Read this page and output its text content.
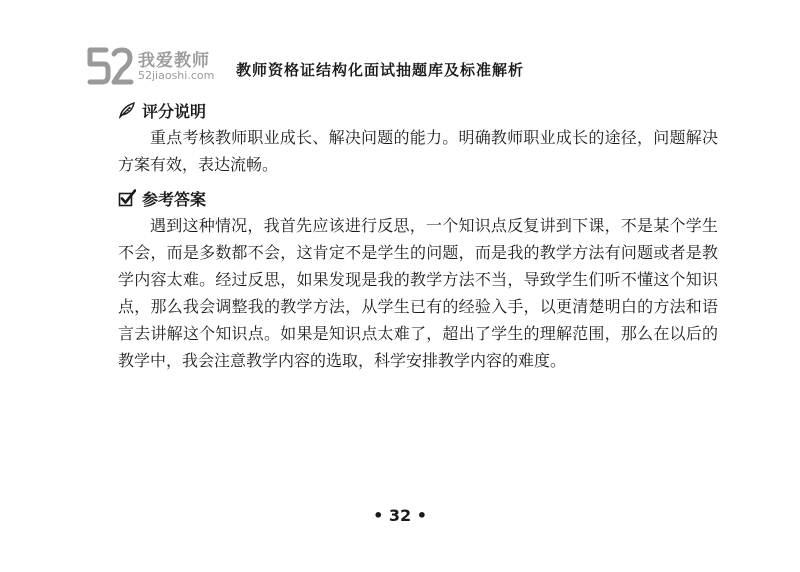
我爱教师
52jiaoshi.com 教师资格证结构化面试抽题库及标准解析
评分说明

重点考核教师职业成长、解决问题的能力。明确教师职业成长的途径，问题解决方案有效，表达流畅。

参考答案

遇到这种情况，我首先应该进行反思，一个知识点反复讲到下课，不是某个学生不会，而是多数都不会，这肯定不是学生的问题，而是我的教学方法有问题或者是教学内容太难。经过反思，如果发现是我的教学方法不当，导致学生们听不懂这个知识点，那么我会调整我的教学方法，从学生已有的经验入手，以更清楚明白的方法和语言去讲解这个知识点。如果是知识点太难了，超出了学生的理解范围，那么在以后的教学中，我会注意教学内容的选取，科学安排教学内容的难度。

• 32 •
